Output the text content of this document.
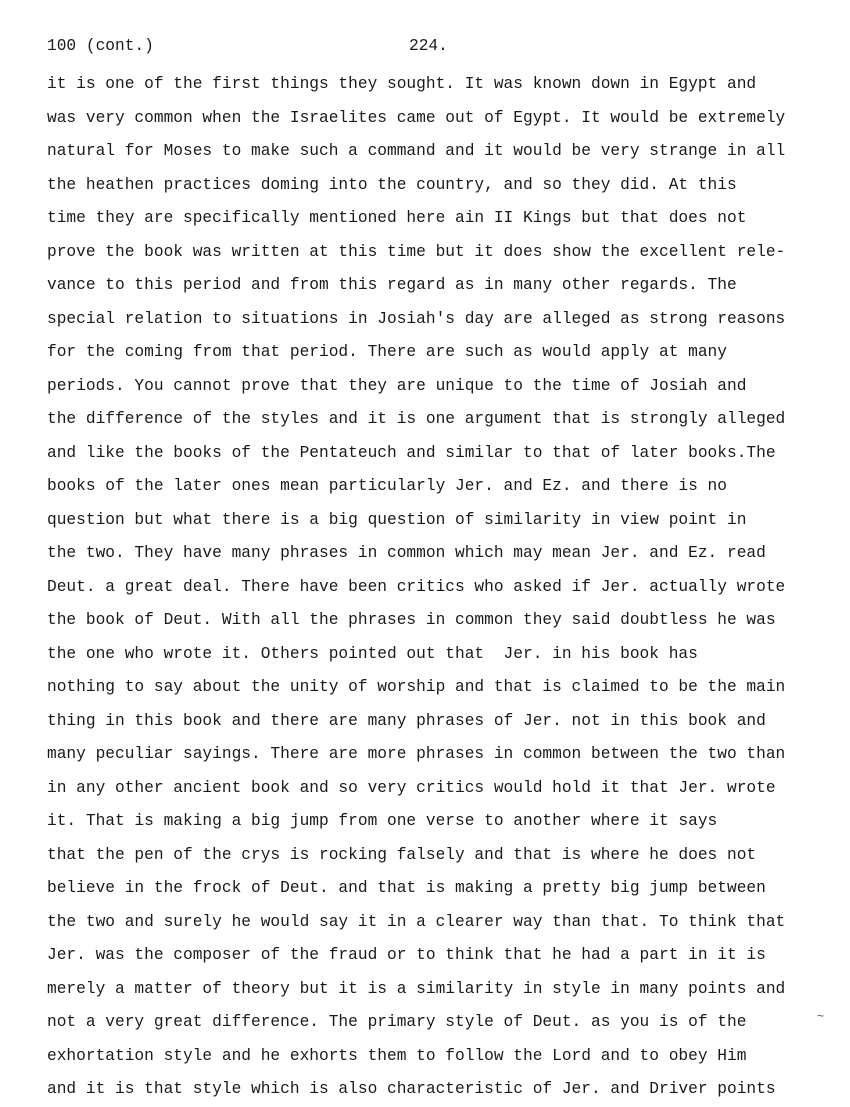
100 (cont.)

	224.

it is one of the first things they sought. It was known down in Egypt and
was very common when the Israelites came out of Egypt. It would be extremely
natural for Moses to make such a command and it would be very strange in all
the heathen practices doming into the country, and so they did. At this
time they are specifically mentioned here ain II Kings but that does not
prove the book was written at this time but it does show the excellent rele-
vance to this period and from this regard as in many other regards. The
special relation to situations in Josiah's day are alleged as strong reasons
for the coming from that period. There are such as would apply at many
periods. You cannot prove that they are unique to the time of Josiah and
the difference of the styles and it is one argument that is strongly alleged
and like the books of the Pentateuch and similar to that of later books.The
books of the later ones mean particularly Jer. and Ez. and there is no
question but what there is a big question of similarity in view point in
the two. They have many phrases in common which may mean Jer. and Ez. read
Deut. a great deal. There have been critics who asked if Jer. actually wrote
the book of Deut. With all the phrases in common they said doubtless he was
the one who wrote it. Others pointed out that  Jer. in his book has
nothing to say about the unity of worship and that is claimed to be the main
thing in this book and there are many phrases of Jer. not in this book and
many peculiar sayings. There are more phrases in common between the two than
in any other ancient book and so very critics would hold it that Jer. wrote
it. That is making a big jump from one verse to another where it says
that the pen of the crys is rocking falsely and that is where he does not
believe in the frock of Deut. and that is making a pretty big jump between
the two and surely he would say it in a clearer way than that. To think that
Jer. was the composer of the fraud or to think that he had a part in it is
merely a matter of theory but it is a similarity in style in many points and
not a very great difference. The primary style of Deut. as you is of the
exhortation style and he exhorts them to follow the Lord and to obey Him
and it is that style which is also characteristic of Jer. and Driver points
~
